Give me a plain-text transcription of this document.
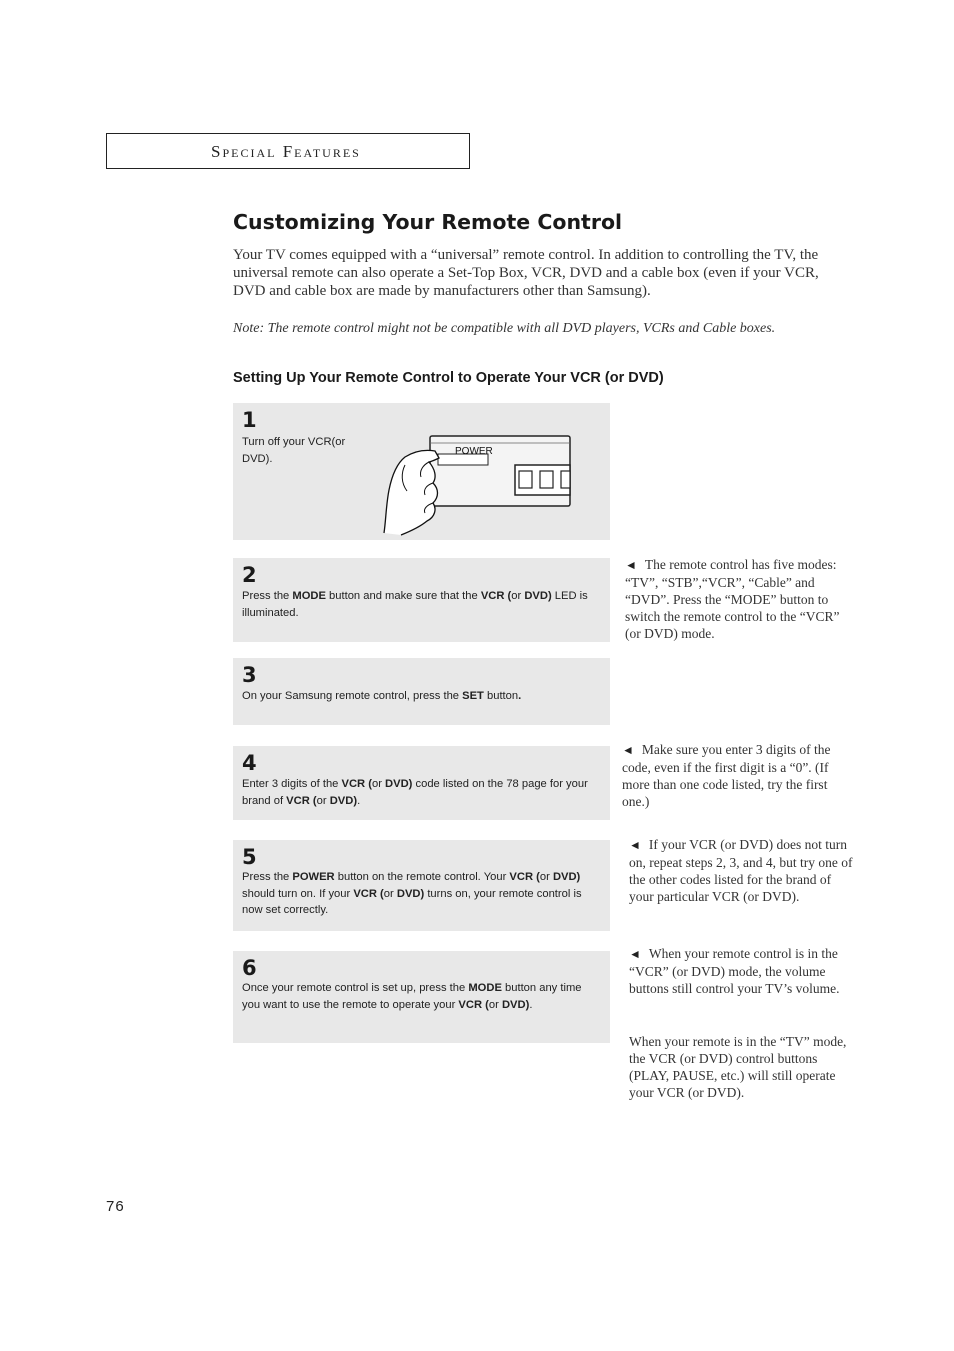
Special Features
Customizing Your Remote Control

Your TV comes equipped with a “universal” remote control. In addition to controlling the TV, the universal remote can also operate a Set-Top Box, VCR, DVD and a cable box (even if your VCR, DVD and cable box are made by manufacturers other than Samsung).

Note: The remote control might not be compatible with all DVD players, VCRs and Cable boxes.

Setting Up Your Remote Control to Operate Your VCR (or DVD)
1

Turn off your VCR(or DVD).

POWER
2

Press the MODE button and make sure that the VCR (or DVD) LED is illuminated.

3

On your Samsung remote control, press the SET button.

4

Enter 3 digits of the VCR (or DVD) code listed on the 78 page for your brand of VCR (or DVD).

5

Press the POWER button on the remote control. Your VCR (or DVD) should turn on. If your VCR (or DVD) turns on, your remote control is now set correctly.

6

Once your remote control is set up, press the MODE button any time you want to use the remote to operate your VCR (or DVD).

◄ The remote control has five modes: “TV”, “STB”,“VCR”, “Cable” and “DVD”. Press the “MODE” button to switch the remote control to the “VCR” (or DVD) mode.

◄ Make sure you enter 3 digits of the code, even if the first digit is a “0”. (If more than one code listed, try the first one.)

◄ If your VCR (or DVD) does not turn on, repeat steps 2, 3, and 4, but try one of the other codes listed for the brand of your particular VCR (or DVD).

◄ When your remote control is in the “VCR” (or DVD) mode, the volume buttons still control your TV’s volume.

When your remote is in the “TV” mode, the VCR (or DVD) control buttons (PLAY, PAUSE, etc.) will still operate your VCR (or DVD).

76
